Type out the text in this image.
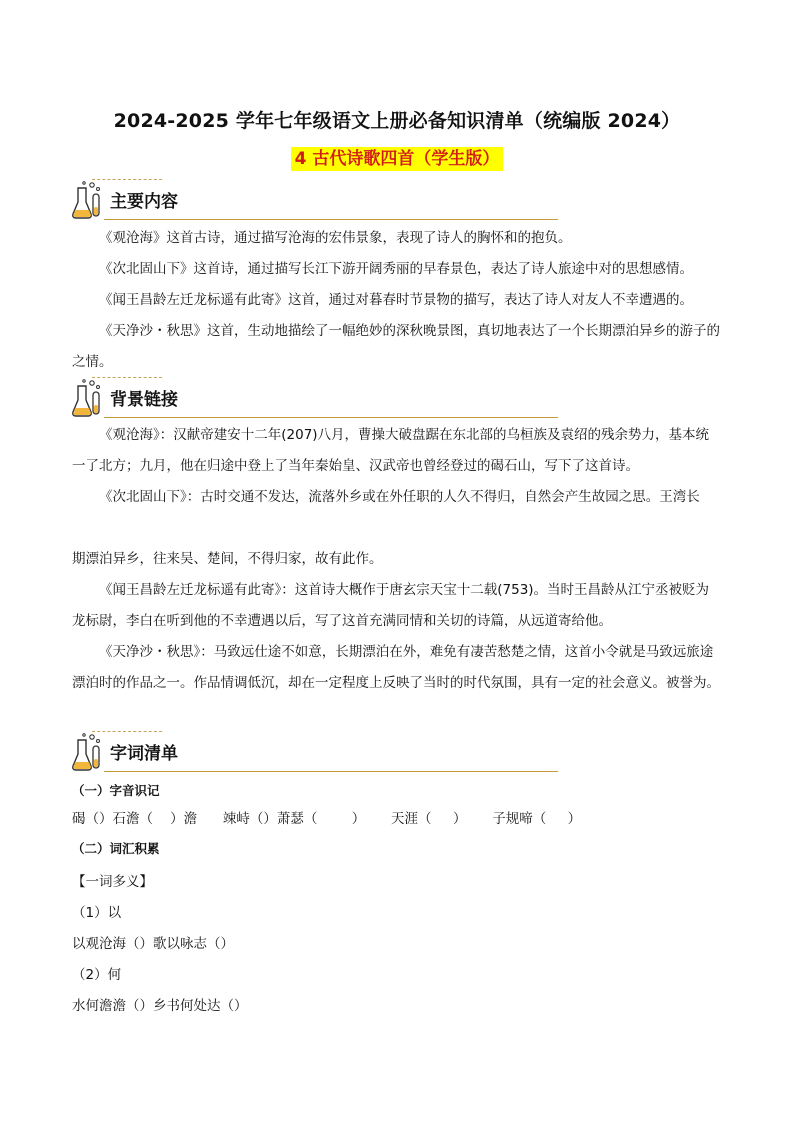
2024-2025 学年七年级语文上册必备知识清单（统编版 2024）
4 古代诗歌四首（学生版）
主要内容

《观沧海》这首古诗，通过描写沧海的宏伟景象，表现了诗人的胸怀和的抱负。

《次北固山下》这首诗，通过描写长江下游开阔秀丽的早春景色，表达了诗人旅途中对的思想感情。

《闻王昌龄左迁龙标遥有此寄》这首，通过对暮春时节景物的描写，表达了诗人对友人不幸遭遇的。

《天净沙・秋思》这首，生动地描绘了一幅绝妙的深秋晚景图，真切地表达了一个长期漂泊异乡的游子的之情。

背景链接

《观沧海》：汉献帝建安十二年(207)八月，曹操大破盘踞在东北部的乌桓族及袁绍的残余势力，基本统一了北方；九月，他在归途中登上了当年秦始皇、汉武帝也曾经登过的碣石山，写下了这首诗。

《次北固山下》：古时交通不发达，流落外乡或在外任职的人久不得归，自然会产生故园之思。王湾长

期漂泊异乡，往来吴、楚间，不得归家，故有此作。

《闻王昌龄左迁龙标遥有此寄》：这首诗大概作于唐玄宗天宝十二载(753)。当时王昌龄从江宁丞被贬为龙标尉，李白在听到他的不幸遭遇以后，写了这首充满同情和关切的诗篇，从远道寄给他。

《天净沙・秋思》：马致远仕途不如意，长期漂泊在外，难免有凄苦愁楚之情，这首小令就是马致远旅途漂泊时的作品之一。作品情调低沉，却在一定程度上反映了当时的时代氛围，具有一定的社会意义。被誉为。

字词清单
（一）字音识记
碣（）石澹（    ）澹      竦峙（）萧瑟（        ）      天涯（     ）      子规啼（     ）
（二）词汇积累
【一词多义】
（1）以
以观沧海（）歌以咏志（）
（2）何
水何澹澹（）乡书何处达（）
